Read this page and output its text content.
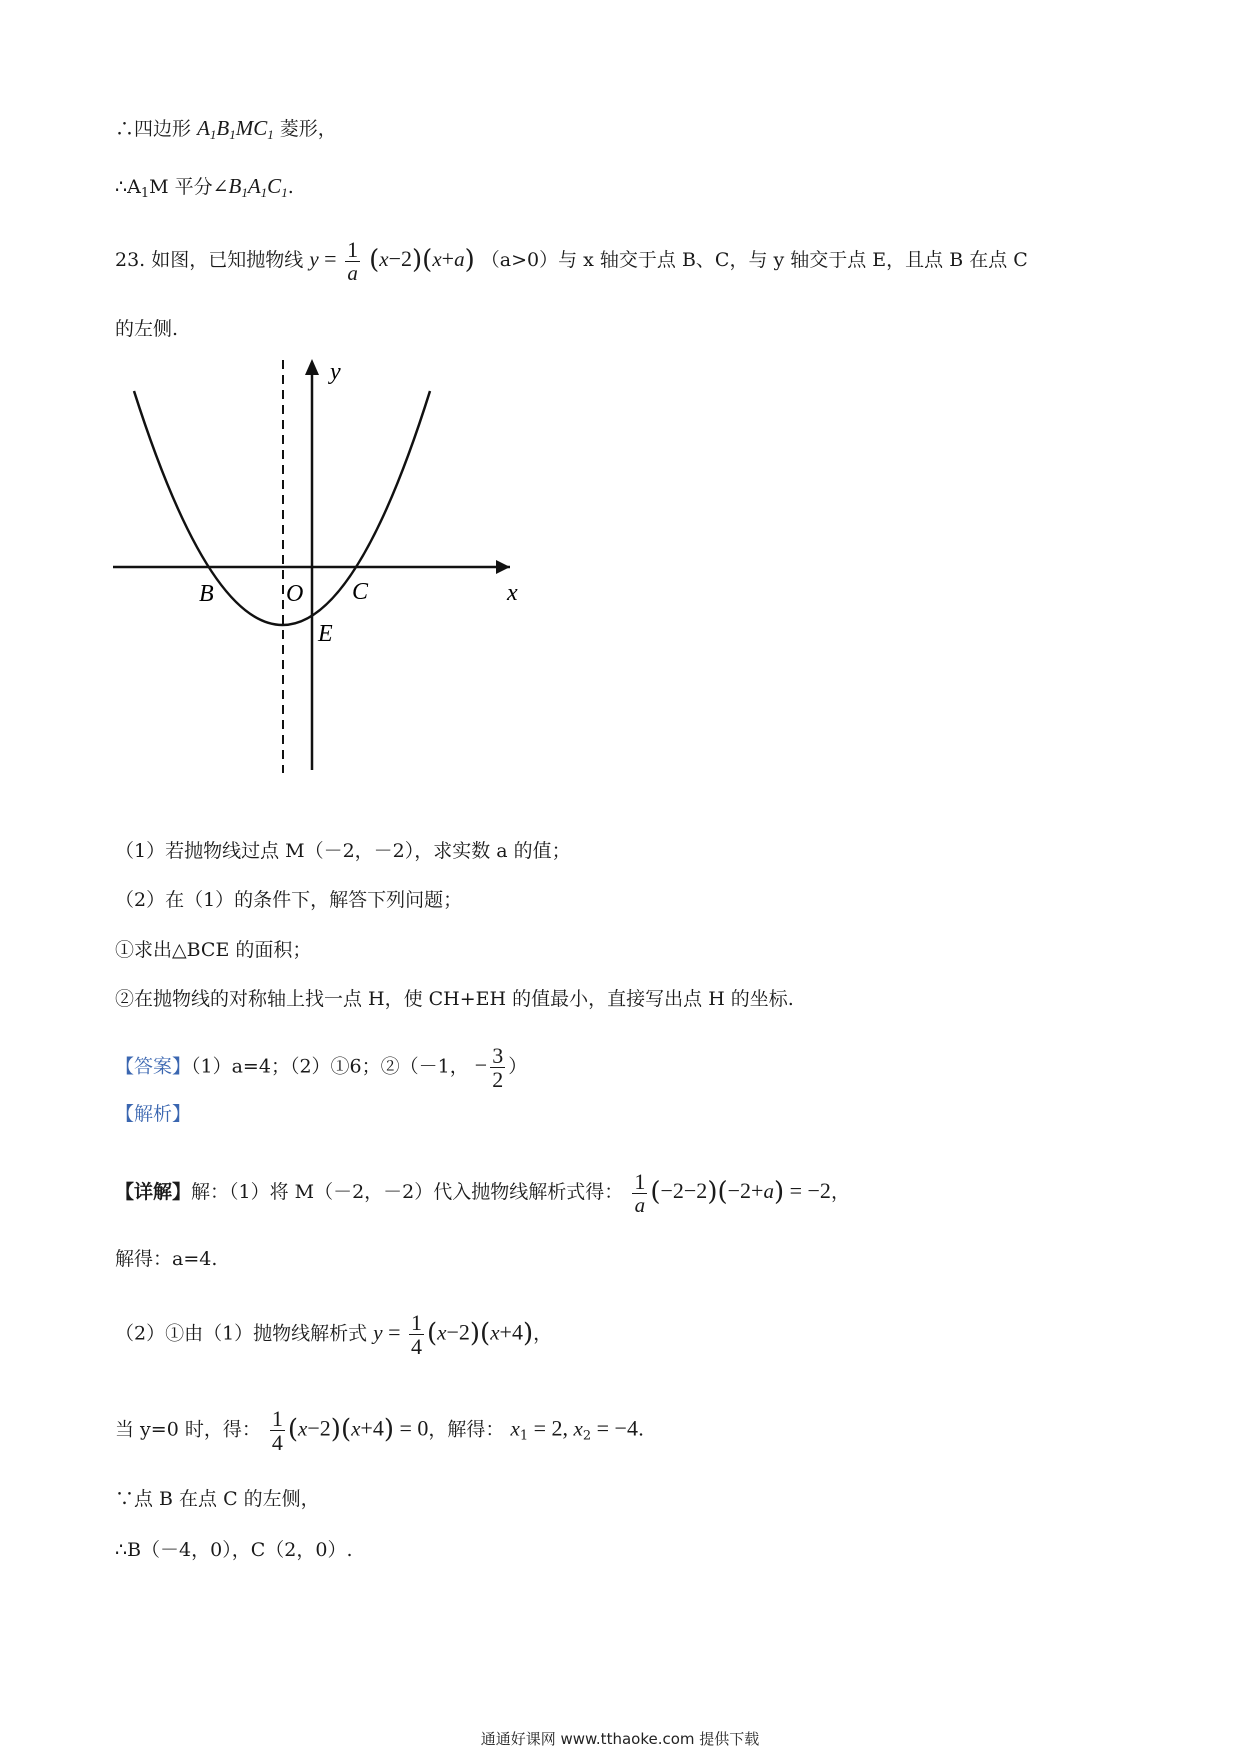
∴四边形 $A_1B_1MC_1$ 菱形，
$\therefore A_1M$ 平分$\angle B_1A_1C_1$.
23. 如图，已知抛物线 $y = \frac{1}{a} (x-2)(x+a)$ （a>0）与 x 轴交于点 B、C，与 y 轴交于点 E，且点 B 在点 C
的左侧.
y
x
B	O C
E
（1）若抛物线过点 M（－2，－2），求实数 a 的值；
（2）在（1）的条件下，解答下列问题；
①求出△BCE 的面积；
②在抛物线的对称轴上找一点 H，使 CH+EH 的值最小，直接写出点 H 的坐标.
【答案】（1）a=4；（2）①6；②（－1， − $\frac{3}{2}$ ）
【解析】
【详解】解：（1）将 M（－2，－2）代入抛物线解析式得： $\frac{1}{a} (-2-2)(-2+a) = -2$，
解得：a=4.
（2）①由（1）抛物线解析式 $y = \frac{1}{4} (x-2)(x+4)$，
当 y=0 时，得： $\frac{1}{4} (x-2)(x+4) = 0$，解得： $x_1 = 2$, $x_2 = -4$.
∵点 B 在点 C 的左侧，
∴B（－4，0），C（2，0）.
通通好课网 www.tthaoke.com 提供下载
